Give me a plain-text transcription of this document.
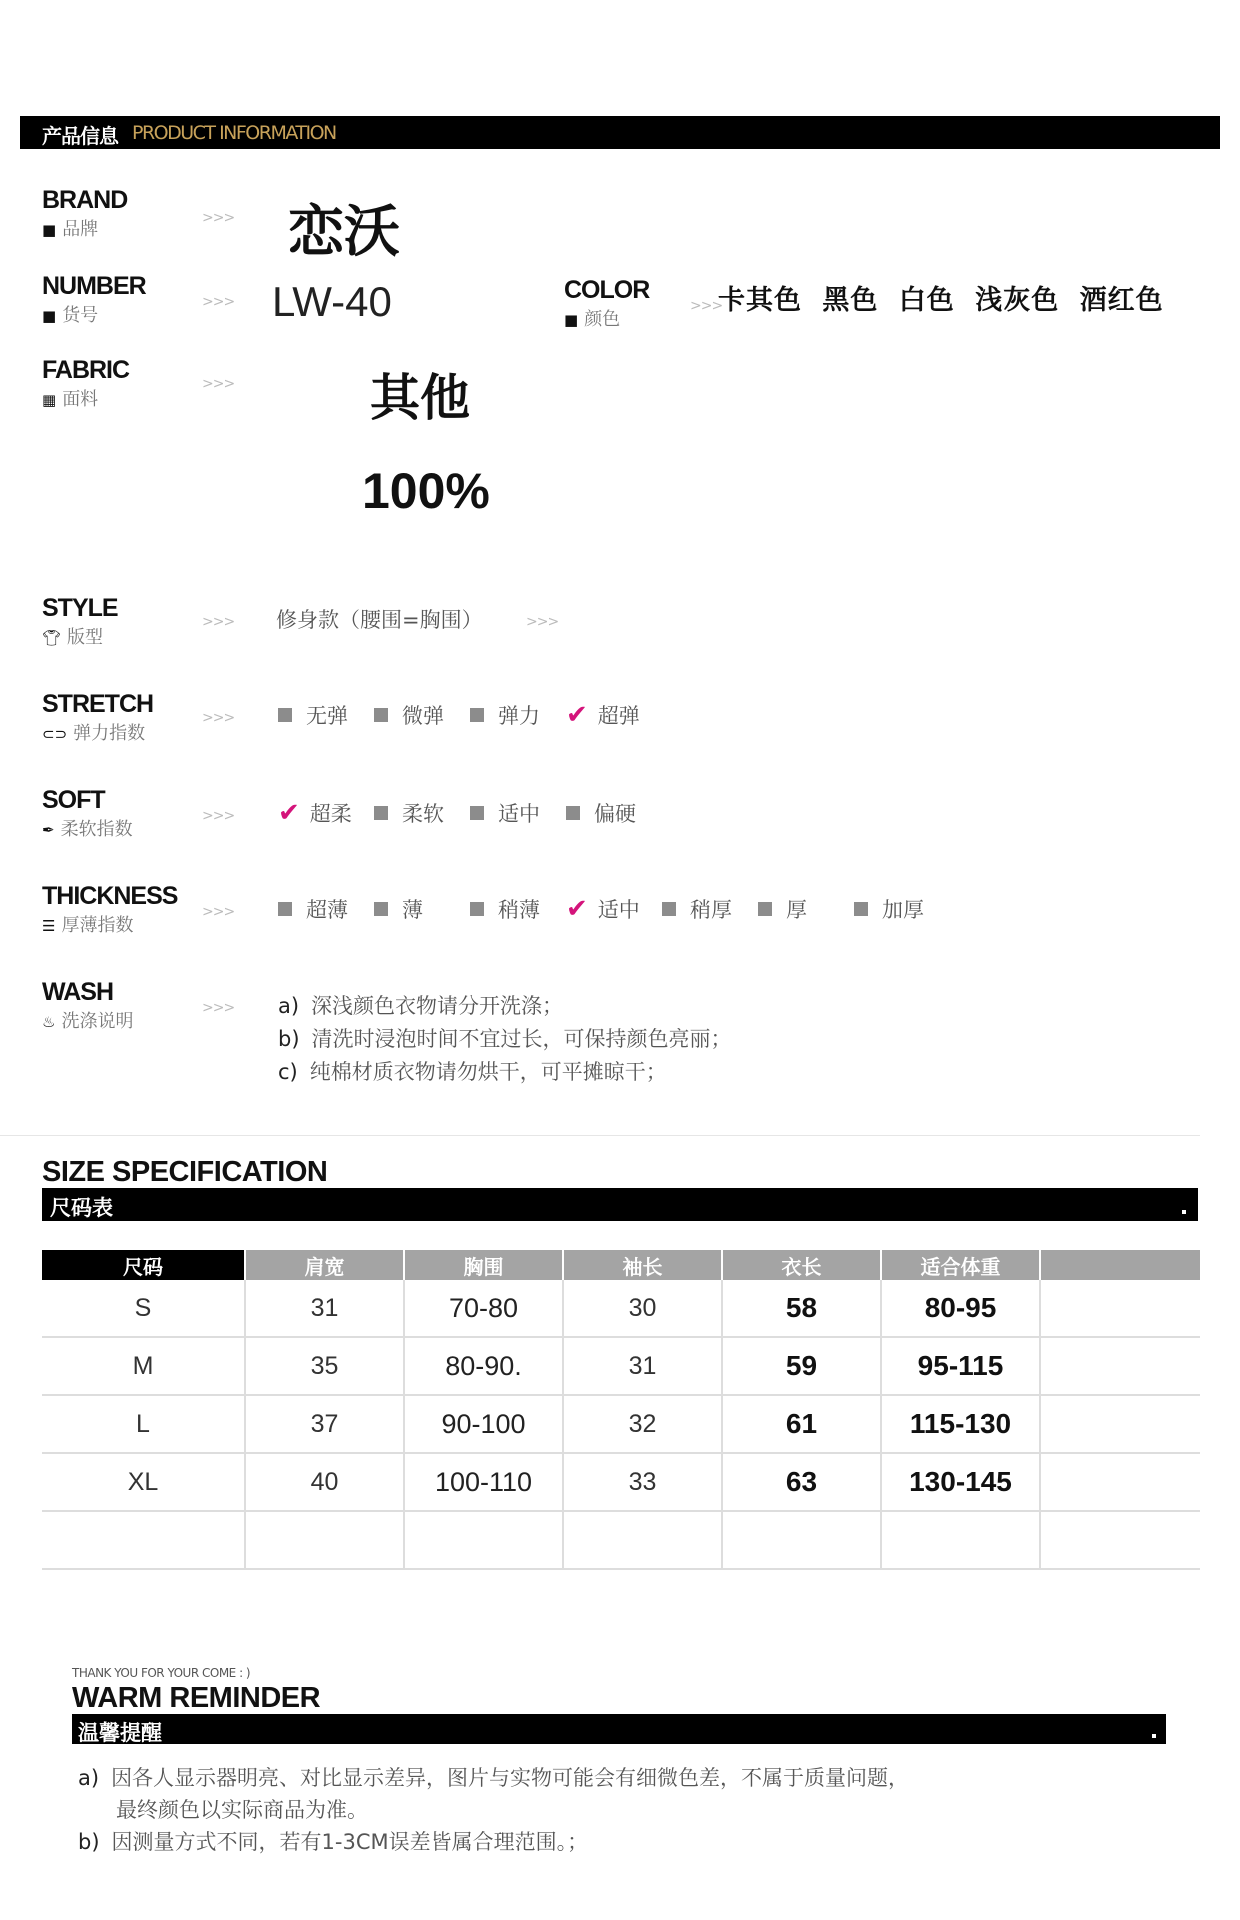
产品信息 PRODUCT INFORMATION
BRAND
■ 品牌
>>> 恋沃
NUMBER
■ 货号
>>> LW-40	COLOR
■ 颜色
>>>
卡其色 黑色 白色 浅灰色 酒红色
FABRIC
▦ 面料
>>>	其他
100%
STYLE
👕︎ 版型
>>> 修身款（腰围=胸围）	>>>
STRETCH
⊂⊃ 弹力指数
>>>	无弹	微弹	弹力 ✔ 超弹
SOFT
✒ 柔软指数
>>> ✔ 超柔 柔软	适中	偏硬
THICKNESS
☰ 厚薄指数
>>>	超薄	薄	稍薄 ✔ 适中 稍厚	厚	加厚
WASH
♨ 洗涤说明
>>> a) 深浅颜色衣物请分开洗涤；
b) 清洗时浸泡时间不宜过长，可保持颜色亮丽；
c) 纯棉材质衣物请勿烘干，可平摊晾干；
SIZE SPECIFICATION
尺码表
尺码	肩宽	胸围	袖长	衣长	适合体重
S	31	70-80	30	58	80-95
M	35	80-90.	31	59	95-115
L	37	90-100	32	61	115-130
XL	40	100-110	33	63	130-145
THANK YOU FOR YOUR COME : )
WARM REMINDER
温馨提醒
a) 因各人显示器明亮、对比显示差异，图片与实物可能会有细微色差，不属于质量问题，
最终颜色以实际商品为准。
b) 因测量方式不同，若有1-3CM误差皆属合理范围。；
